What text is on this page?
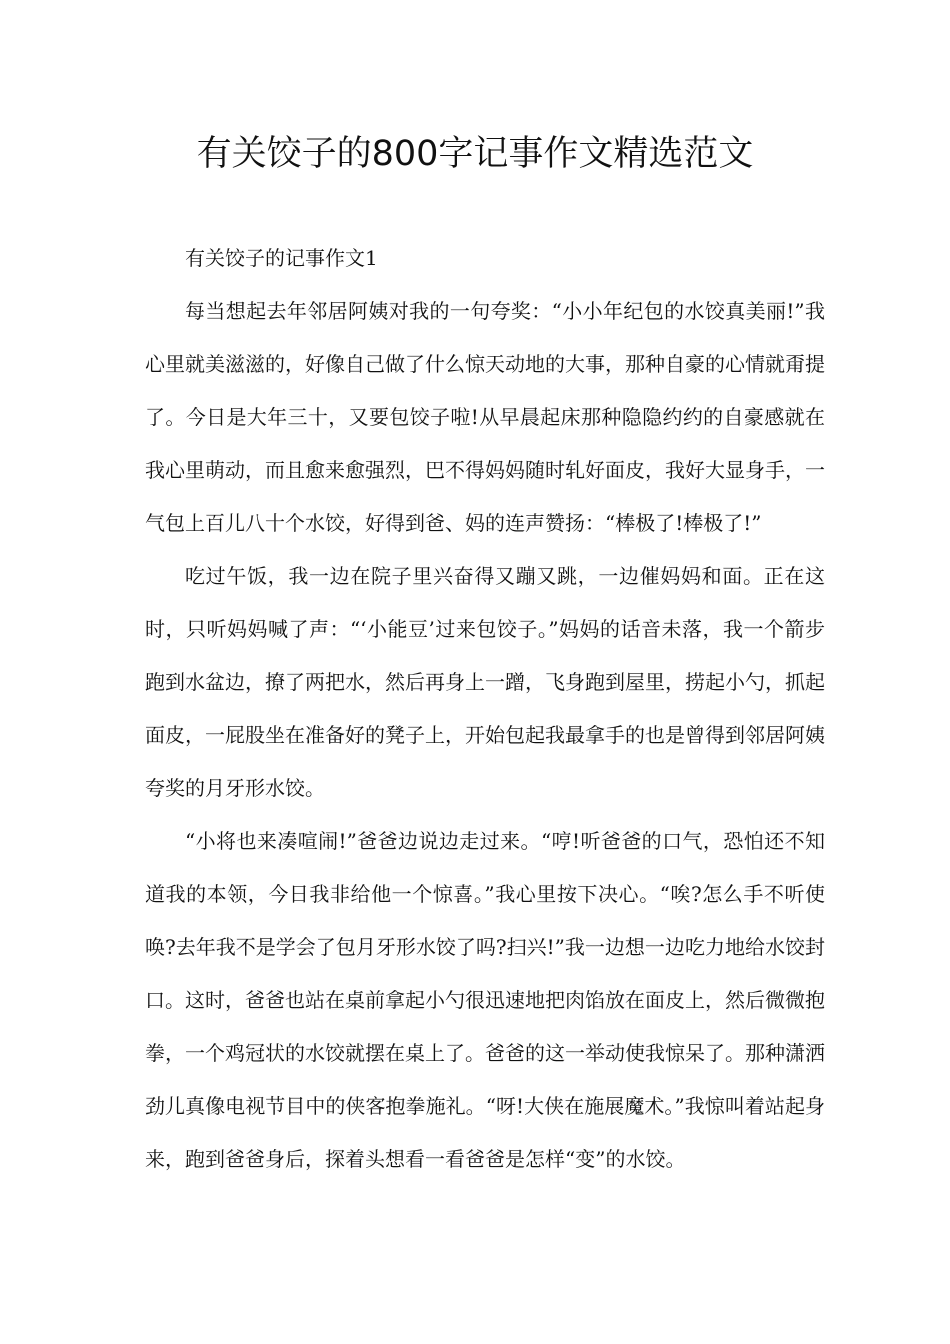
有关饺子的800字记事作文精选范文

有关饺子的记事作文1

每当想起去年邻居阿姨对我的一句夸奖：“小小年纪包的水饺真美丽!”我心里就美滋滋的，好像自己做了什么惊天动地的大事，那种自豪的心情就甭提了。今日是大年三十，又要包饺子啦!从早晨起床那种隐隐约约的自豪感就在我心里萌动，而且愈来愈强烈，巴不得妈妈随时轧好面皮，我好大显身手，一气包上百儿八十个水饺，好得到爸、妈的连声赞扬：“棒极了!棒极了!”

吃过午饭，我一边在院子里兴奋得又蹦又跳，一边催妈妈和面。正在这时，只听妈妈喊了声：“‘小能豆’过来包饺子。”妈妈的话音未落，我一个箭步跑到水盆边，撩了两把水，然后再身上一蹭，飞身跑到屋里，捞起小勺，抓起面皮，一屁股坐在准备好的凳子上，开始包起我最拿手的也是曾得到邻居阿姨夸奖的月牙形水饺。

“小将也来凑喧闹!”爸爸边说边走过来。“哼!听爸爸的口气，恐怕还不知道我的本领，今日我非给他一个惊喜。”我心里按下决心。“唉?怎么手不听使唤?去年我不是学会了包月牙形水饺了吗?扫兴!”我一边想一边吃力地给水饺封口。这时，爸爸也站在桌前拿起小勺很迅速地把肉馅放在面皮上，然后微微抱拳，一个鸡冠状的水饺就摆在桌上了。爸爸的这一举动使我惊呆了。那种潇洒劲儿真像电视节目中的侠客抱拳施礼。“呀!大侠在施展魔术。”我惊叫着站起身来，跑到爸爸身后，探着头想看一看爸爸是怎样“变”的水饺。
